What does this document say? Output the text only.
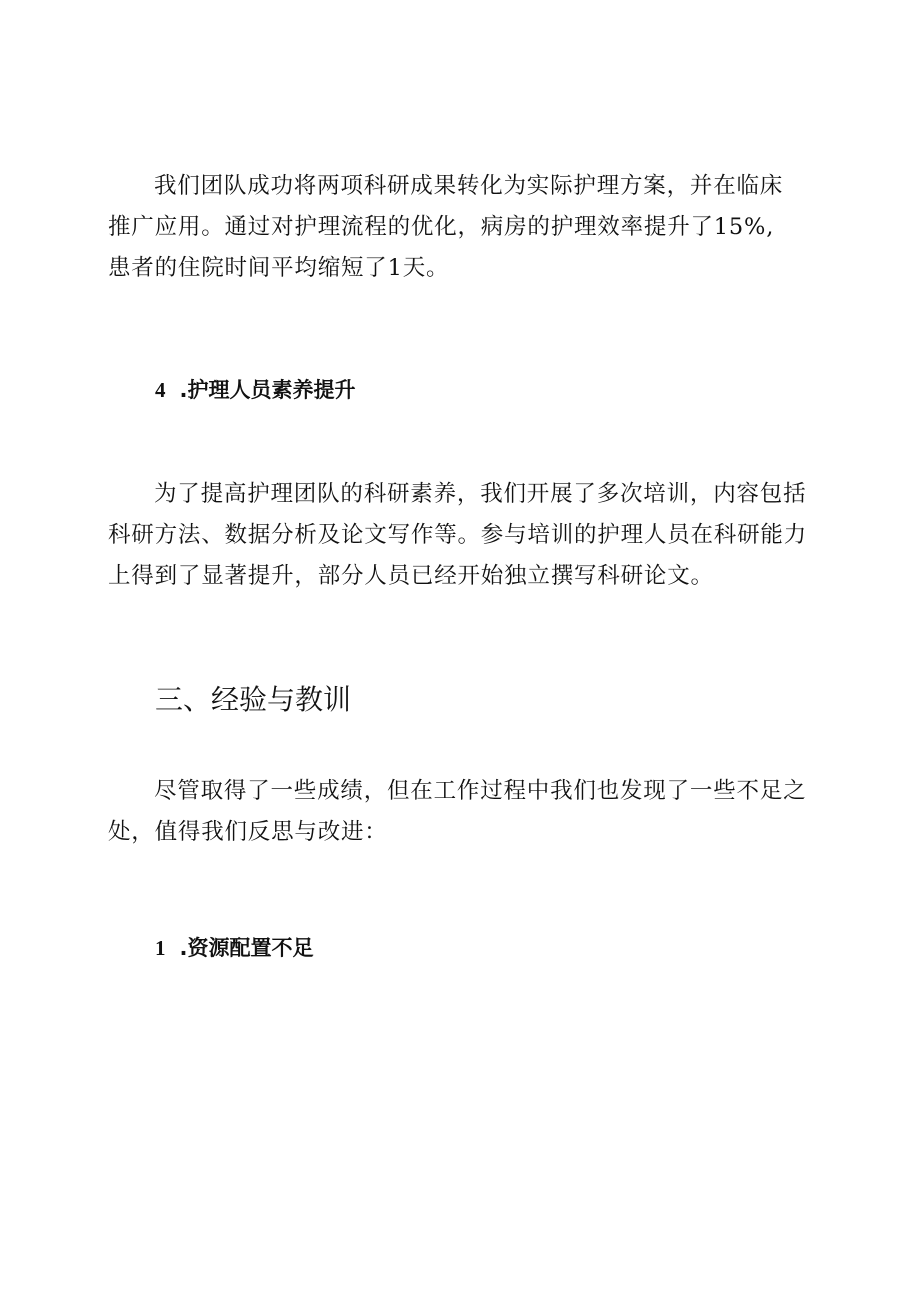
我们团队成功将两项科研成果转化为实际护理方案，并在临床
推广应用。通过对护理流程的优化，病房的护理效率提升了15%,
患者的住院时间平均缩短了1天。
4 .护理人员素养提升
为了提高护理团队的科研素养，我们开展了多次培训，内容包括
科研方法、数据分析及论文写作等。参与培训的护理人员在科研能力
上得到了显著提升，部分人员已经开始独立撰写科研论文。
三、经验与教训
尽管取得了一些成绩，但在工作过程中我们也发现了一些不足之
处，值得我们反思与改进：
1 .资源配置不足
